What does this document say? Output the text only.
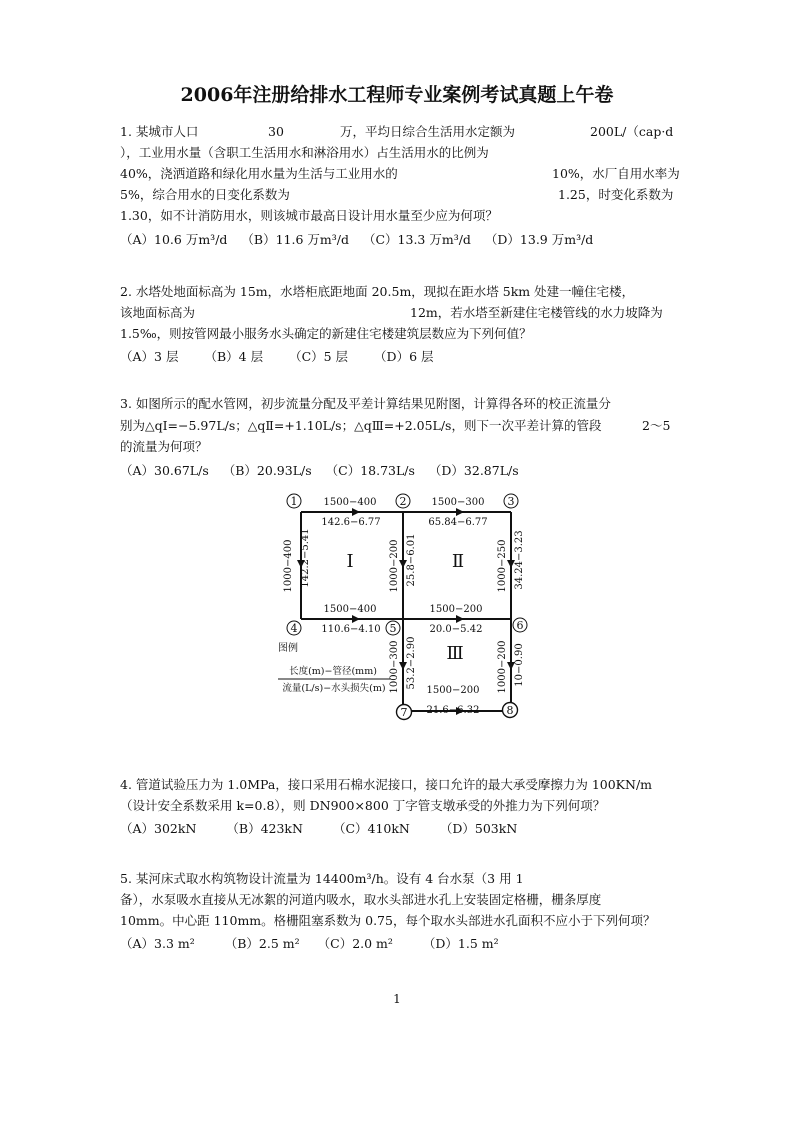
2006年注册给排水工程师专业案例考试真题上午卷
1. 某城市人口	30	万，平均日综合生活用水定额为	200L/（cap·d
），工业用水量（含职工生活用水和淋浴用水）占生活用水的比例为
40%，浇洒道路和绿化用水量为生活与工业用水的	10%，水厂自用水率为
5%，综合用水的日变化系数为	1.25，时变化系数为
1.30，如不计消防用水，则该城市最高日设计用水量至少应为何项？
（A）10.6 万m³/d （B）11.6 万m³/d （C）13.3 万m³/d （D）13.9 万m³/d
2. 水塔处地面标高为 15m，水塔柜底距地面 20.5m，现拟在距水塔 5km 处建一幢住宅楼，
该地面标高为	12m，若水塔至新建住宅楼管线的水力坡降为
1.5‰，则按管网最小服务水头确定的新建住宅楼建筑层数应为下列何值？
（A）3 层 （B）4 层 （C）5 层 （D）6 层
3. 如图所示的配水管网，初步流量分配及平差计算结果见附图，计算得各环的校正流量分
别为△qⅠ=−5.97L/s；△qⅡ=+1.10L/s；△qⅢ=+2.05L/s，则下一次平差计算的管段	2～5
的流量为何项？
（A）30.67L/s （B）20.93L/s （C）18.73L/s （D）32.87L/s
1	2	3
4	5	6
7	8
Ⅰ	Ⅱ
Ⅲ
1500−400
142.6−6.77
1500−300
65.84−6.77
1500−400
110.6−4.10
1500−200
20.0−5.42
1500−200
21.6−6.32
1000−400 142.2−5.41	1000−200 25.8−6.01	1000−250 34.24−3.23
1000−300 53.2−2.90	1000−200 10−0.90
图例
长度(m)−管径(mm)
流量(L/s)−水头损失(m)
4. 管道试验压力为 1.0MPa，接口采用石棉水泥接口，接口允许的最大承受摩擦力为 100KN/m
（设计安全系数采用 k=0.8），则 DN900×800 丁字管支墩承受的外推力为下列何项？
（A）302kN （B）423kN （C）410kN （D）503kN
5. 某河床式取水构筑物设计流量为 14400m³/h。设有 4 台水泵（3 用 1
备），水泵吸水直接从无冰絮的河道内吸水，取水头部进水孔上安装固定格栅，栅条厚度
10mm。中心距 110mm。格栅阻塞系数为 0.75，每个取水头部进水孔面积不应小于下列何项？
（A）3.3 m² （B）2.5 m² （C）2.0 m² （D）1.5 m²
1
